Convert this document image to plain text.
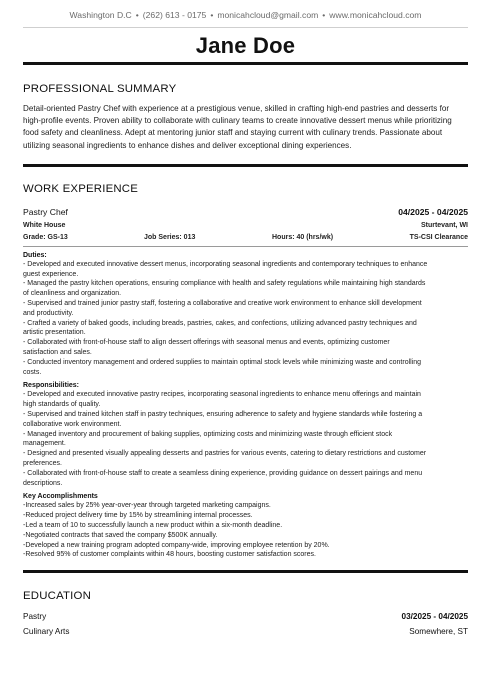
Washington D.C • (262) 613 - 0175 • monicahcloud@gmail.com • www.monicahcloud.com
Jane Doe
PROFESSIONAL SUMMARY
Detail-oriented Pastry Chef with experience at a prestigious venue, skilled in crafting high-end pastries and desserts for high-profile events. Proven ability to collaborate with culinary teams to create innovative dessert menus while prioritizing food safety and cleanliness. Adept at mentoring junior staff and staying current with culinary trends. Passionate about utilizing seasonal ingredients to enhance dishes and deliver exceptional dining experiences.
WORK EXPERIENCE
Pastry Chef	04/2025 - 04/2025
White House	Sturtevant, WI
Grade: GS-13	Job Series: 013	Hours: 40 (hrs/wk)	TS-CSI Clearance
Duties:
- Developed and executed innovative dessert menus, incorporating seasonal ingredients and contemporary techniques to enhance
guest experience.
- Managed the pastry kitchen operations, ensuring compliance with health and safety regulations while maintaining high standards
of cleanliness and organization.
- Supervised and trained junior pastry staff, fostering a collaborative and creative work environment to enhance skill development
and productivity.
- Crafted a variety of baked goods, including breads, pastries, cakes, and confections, utilizing advanced pastry techniques and
artistic presentation.
- Collaborated with front-of-house staff to align dessert offerings with seasonal menus and events, optimizing customer
satisfaction and sales.
- Conducted inventory management and ordered supplies to maintain optimal stock levels while minimizing waste and controlling
costs.
Responsibilities:
- Developed and executed innovative pastry recipes, incorporating seasonal ingredients to enhance menu offerings and maintain
high standards of quality.
- Supervised and trained kitchen staff in pastry techniques, ensuring adherence to safety and hygiene standards while fostering a
collaborative work environment.
- Managed inventory and procurement of baking supplies, optimizing costs and minimizing waste through efficient stock
management.
- Designed and presented visually appealing desserts and pastries for various events, catering to dietary restrictions and customer
preferences.
- Collaborated with front-of-house staff to create a seamless dining experience, providing guidance on dessert pairings and menu
descriptions.
Key Accomplishments
-Increased sales by 25% year-over-year through targeted marketing campaigns.
-Reduced project delivery time by 15% by streamlining internal processes.
-Led a team of 10 to successfully launch a new product within a six-month deadline.
-Negotiated contracts that saved the company $500K annually.
-Developed a new training program adopted company-wide, improving employee retention by 20%.
-Resolved 95% of customer complaints within 48 hours, boosting customer satisfaction scores.
EDUCATION
Pastry	03/2025 - 04/2025
Culinary Arts	Somewhere, ST
